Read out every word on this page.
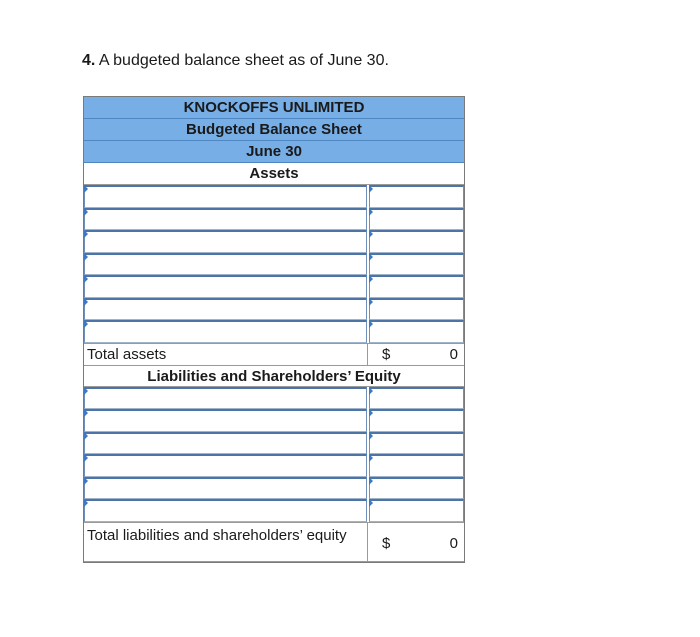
4. A budgeted balance sheet as of June 30.
KNOCKOFFS UNLIMITED
Budgeted Balance Sheet
June 30
Assets
Total assets	$	0
Liabilities and Shareholders’ Equity
Total liabilities and shareholders’ equity	$	0
